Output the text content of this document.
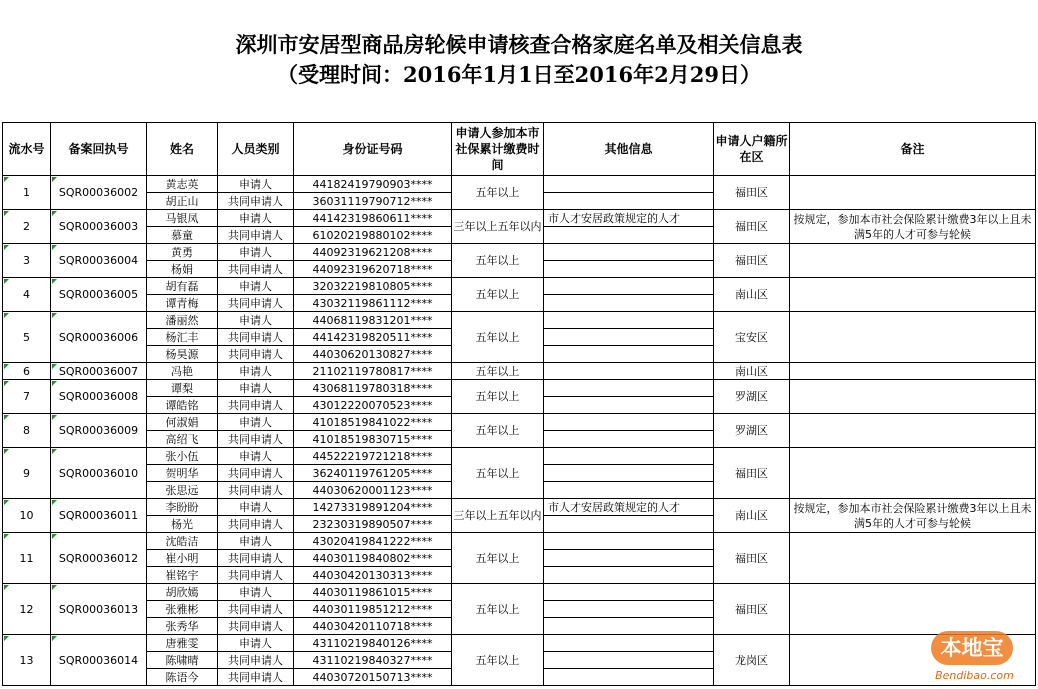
深圳市安居型商品房轮候申请核查合格家庭名单及相关信息表
（受理时间：2016年1月1日至2016年2月29日）
流水号	备案回执号	姓名	人员类别	身份证号码	申请人参加本市社保累计缴费时间	其他信息	申请人户籍所在区	备注
1	SQR00036002	黄志英	申请人	44182419790903****	五年以上		福田区	
		胡正山	共同申请人	36031119790712****				
2	SQR00036003	马银凤	申请人	44142319860611****	三年以上五年以内	市人才安居政策规定的人才	福田区	按规定，参加本市社会保险累计缴费3年以上且未满5年的人才可参与轮候
		慕童	共同申请人	61020219880102****				
3	SQR00036004	黄勇	申请人	44092319621208****	五年以上		福田区	
		杨娟	共同申请人	44092319620718****				
4	SQR00036005	胡有磊	申请人	32032219810805****	五年以上		南山区	
		谭青梅	共同申请人	43032119861112****				
5	SQR00036006	潘丽然	申请人	44068119831201****	五年以上		宝安区	
		杨汇丰	共同申请人	44142319820511****				
		杨昊源	共同申请人	44030620130827****				
6	SQR00036007	冯艳	申请人	21102119780817****	五年以上		南山区	
7	SQR00036008	谭梨	申请人	43068119780318****	五年以上		罗湖区	
		谭皓铭	共同申请人	43012220070523****				
8	SQR00036009	何淑娟	申请人	41018519841022****	五年以上		罗湖区	
		高绍飞	共同申请人	41018519830715****				
9	SQR00036010	张小伍	申请人	44522219721218****	五年以上		福田区	
		贺明华	共同申请人	36240119761205****				
		张思远	共同申请人	44030620001123****				
10	SQR00036011	李盼盼	申请人	14273319891204****	三年以上五年以内	市人才安居政策规定的人才	南山区	按规定，参加本市社会保险累计缴费3年以上且未满5年的人才可参与轮候
		杨光	共同申请人	23230319890507****				
11	SQR00036012	沈皓洁	申请人	43020419841222****	五年以上		福田区	
		崔小明	共同申请人	44030119840802****				
		崔铭宇	共同申请人	44030420130313****				
12	SQR00036013	胡欣嫣	申请人	44030119861015****	五年以上		福田区	
		张雅彬	共同申请人	44030119851212****				
		张秀华	共同申请人	44030420110718****				
13	SQR00036014	唐雅雯	申请人	43110219840126****	五年以上		龙岗区	
		陈啸晴	共同申请人	43110219840327****				
		陈语今	共同申请人	44030720150713****				
本地宝
Bendibao.com
